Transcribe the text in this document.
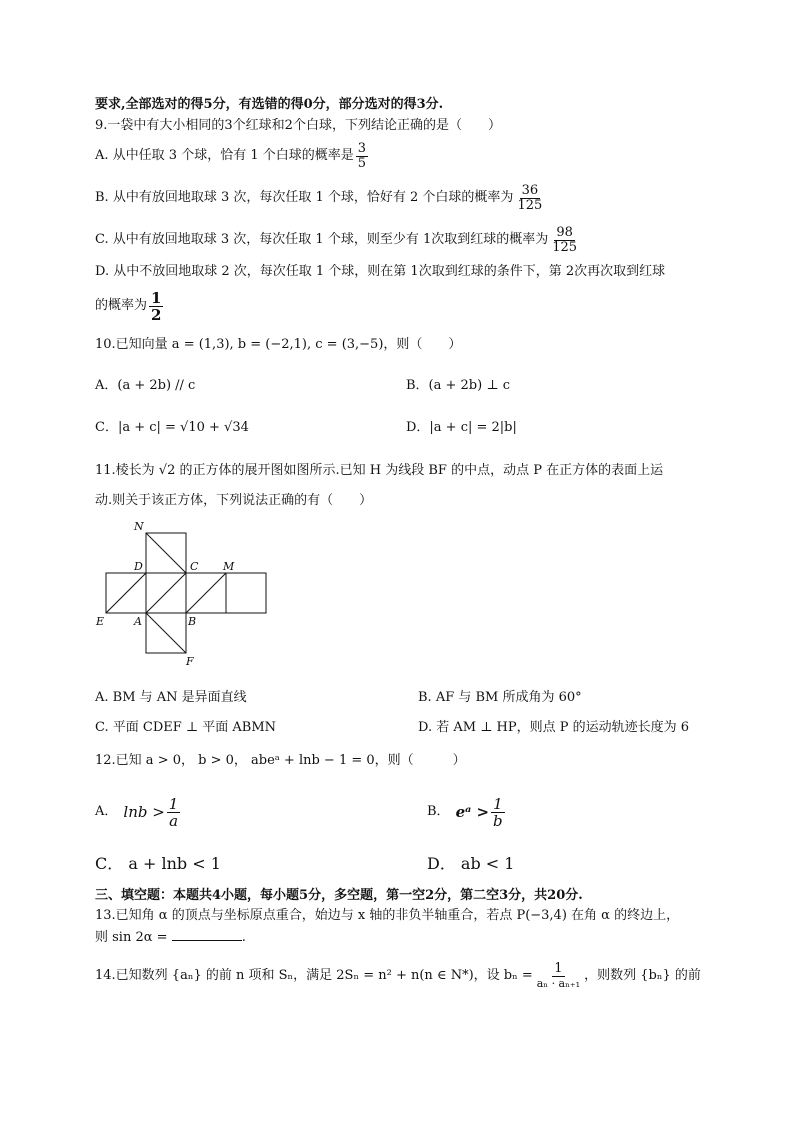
要求,全部选对的得5分，有选错的得0分，部分选对的得3分.
9.一袋中有大小相同的3个红球和2个白球，下列结论正确的是（　　）
A. 从中任取 3 个球，恰有 1 个白球的概率是 $\frac{3}{5}$
B. 从中有放回地取球 3 次，每次任取 1 个球，恰好有 2 个白球的概率为 $\frac{36}{125}$
C. 从中有放回地取球 3 次，每次任取 1 个球，则至少有 1次取到红球的概率为 $\frac{98}{125}$
D. 从中不放回地取球 2 次，每次任取 1 个球，则在第 1次取到红球的条件下，第 2次再次取到红球
的概率为 $\frac{1}{2}$
10.已知向量 a = (1,3), b = (−2,1), c = (3,−5)，则（　　）
A．(a + 2b) // c	B．(a + 2b) ⊥ c
C．|a + c| = √10 + √34	D．|a + c| = 2|b|
11.棱长为 √2 的正方体的展开图如图所示.已知 H 为线段 BF 的中点，动点 P 在正方体的表面上运
动.则关于该正方体，下列说法正确的有（　　）
N
D	C M
E	A	B
F
A. BM 与 AN 是异面直线	B. AF 与 BM 所成角为 60°
C. 平面 CDEF ⊥ 平面 ABMN	D. 若 AM ⊥ HP，则点 P 的运动轨迹长度为 6
12.已知 a > 0， b > 0， abeᵃ + lnb − 1 = 0，则（　　　）
A． $\ln b > \frac{1}{a}$	B． eᵃ > $\frac{1}{b}$
C． a + lnb < 1	D． ab < 1
三、填空题：本题共4小题，每小题5分，多空题，第一空2分，第二空3分，共20分.
13.已知角 α 的顶点与坐标原点重合，始边与 x 轴的非负半轴重合，若点 P(−3,4) 在角 α 的终边上，
则 sin 2α =	.
14.已知数列 {aₙ} 的前 n 项和 Sₙ，满足 2Sₙ = n² + n(n ∈ N*)，设 $b_n = \frac{1}{\text{aₙ · aₙ₊₁}}$ ，则数列 {bₙ} 的前
